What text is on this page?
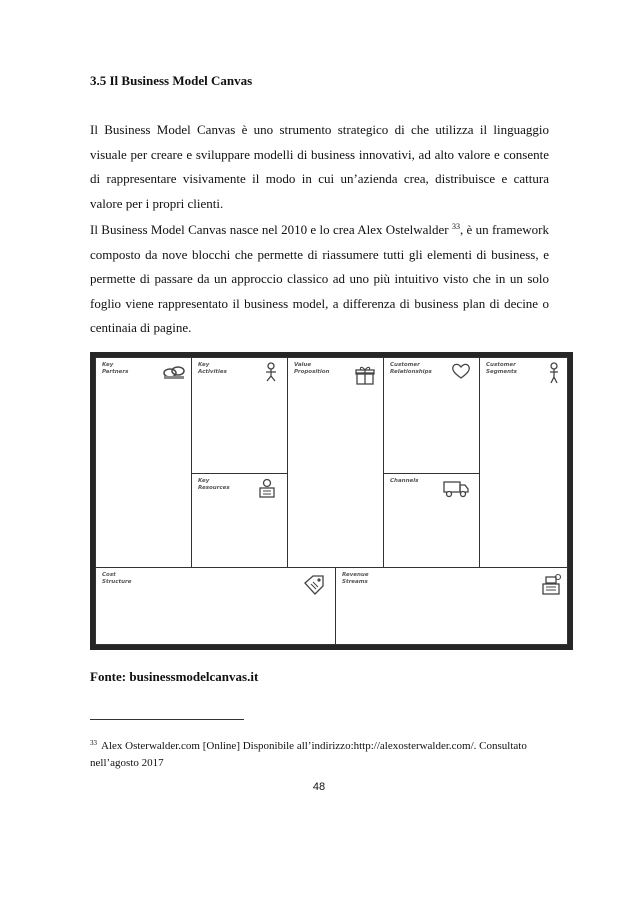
3.5 Il Business Model Canvas

Il Business Model Canvas è uno strumento strategico di che utilizza il linguaggio visuale per creare e sviluppare modelli di business innovativi, ad alto valore e consente di rappresentare visivamente il modo in cui un’azienda crea, distribuisce e cattura valore per i propri clienti.

Il Business Model Canvas nasce nel 2010 e lo crea Alex Ostelwalder $^{33}$, è un framework composto da nove blocchi che permette di riassumere tutti gli elementi di business, e permette di passare da un approccio classico ad uno più intuitivo visto che in un solo foglio viene rappresentato il business model, a differenza di business plan di decine o centinaia di pagine.

Key
Partners
Key
Activities
Key
Resources
Value
Proposition
Customer
Relationships
Channels
Customer
Segments
Cost
Structure
Revenue
Streams

Fonte: businessmodelcanvas.it

$^{33}$ Alex Osterwalder.com [Online] Disponibile all’indirizzo:http://alexosterwalder.com/. Consultato nell’agosto 2017

48
